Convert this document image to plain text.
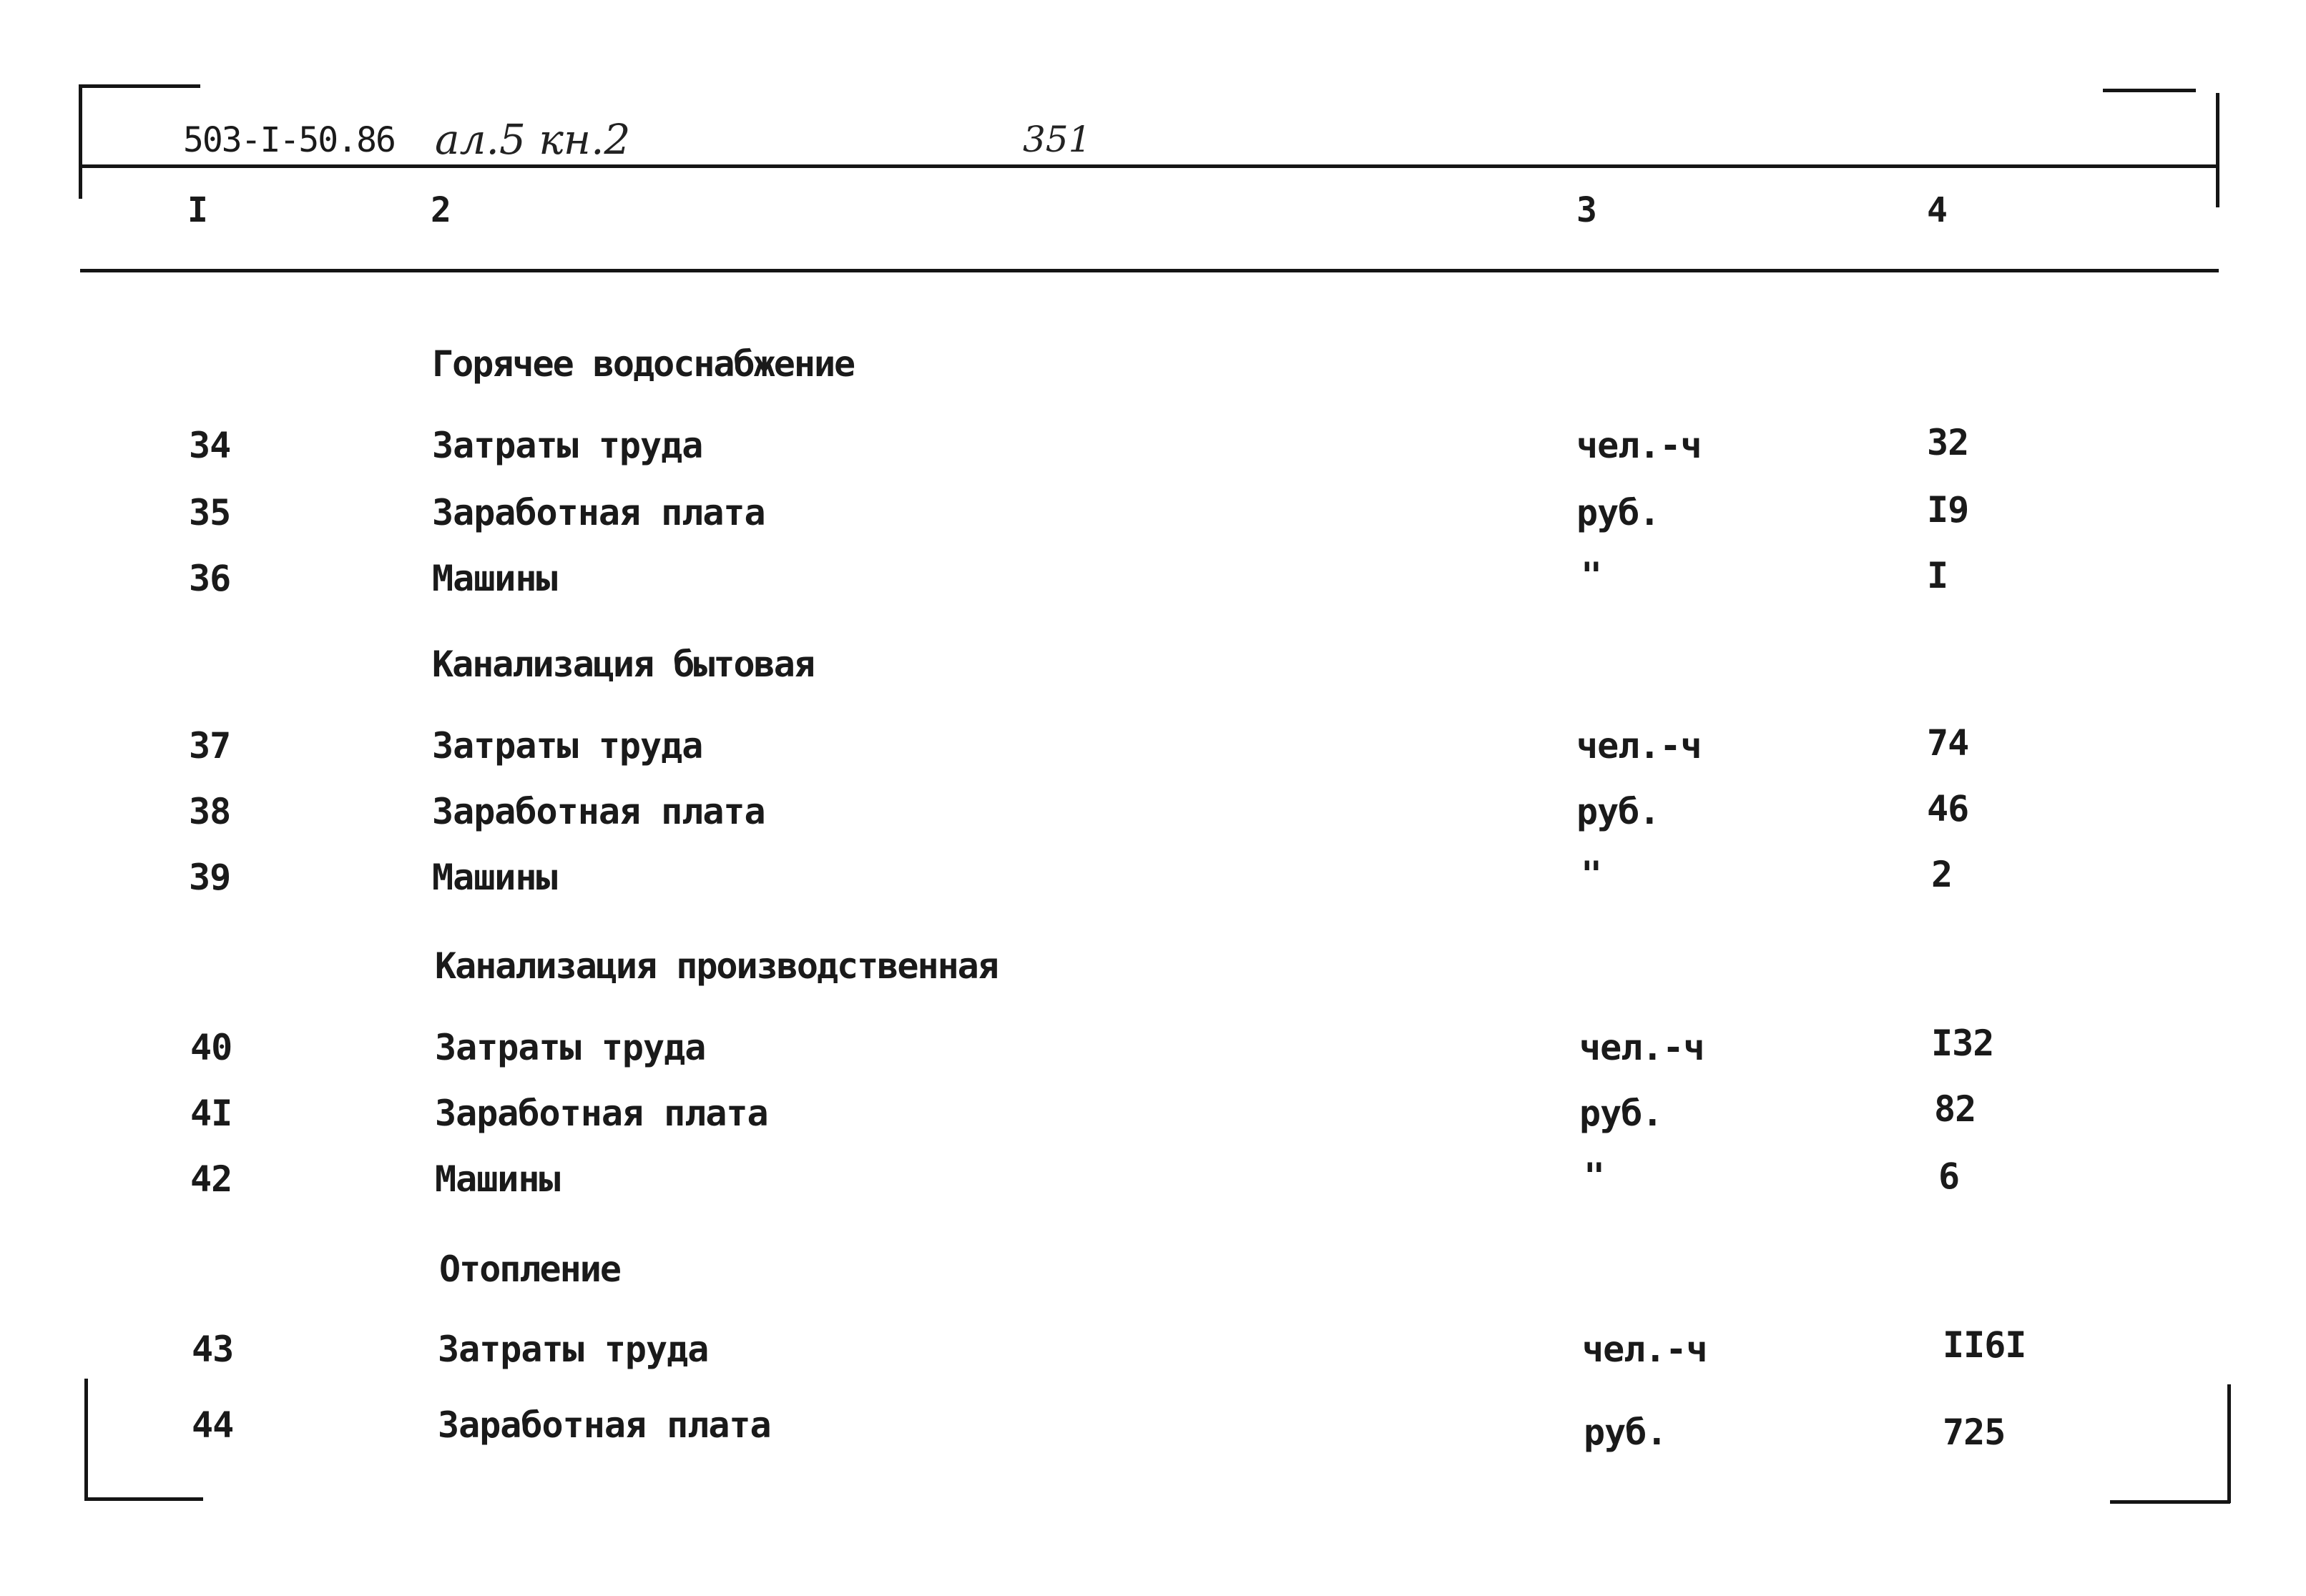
503-I-50.86 ал.5 кн.2	351
I	2	3	4
Горячее водоснабжение
34	Затраты труда	чел.-ч	32
35	Заработная плата	руб.	I9
36	Машины	"	I
Канализация бытовая
37	Затраты труда	чел.-ч	74
38	Заработная плата	руб.	46
39	Машины	"	2
Канализация производственная
40	Затраты труда	чел.-ч	I32
4I	Заработная плата	руб.	82
42	Машины	"	6
Отопление
43	Затраты труда	чел.-ч	II6I
44	Заработная плата	руб.	725
